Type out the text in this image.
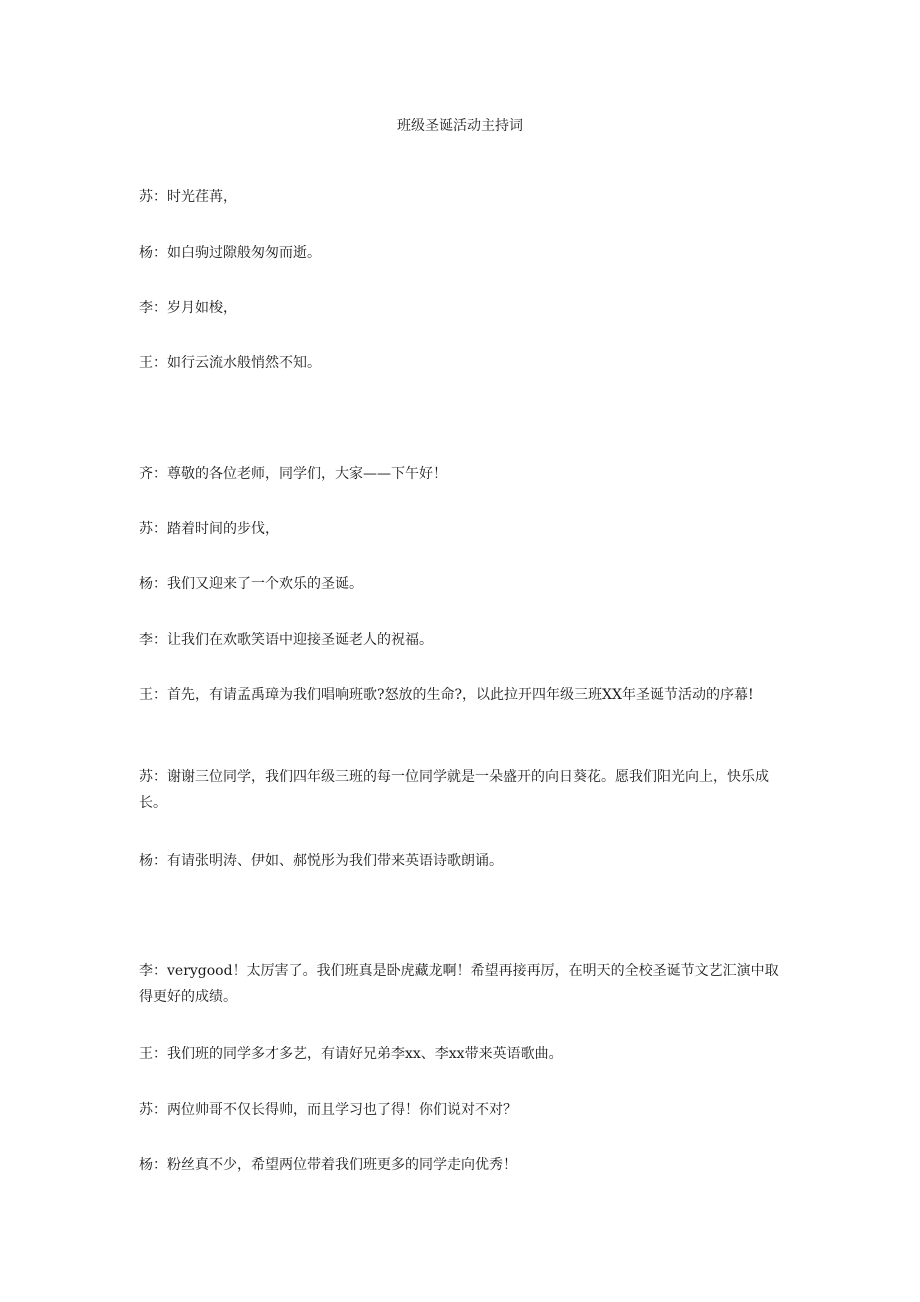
班级圣诞活动主持词
苏：时光荏苒，
杨：如白驹过隙般匆匆而逝。
李：岁月如梭，
王：如行云流水般悄然不知。
齐：尊敬的各位老师，同学们，大家——下午好！
苏：踏着时间的步伐，
杨：我们又迎来了一个欢乐的圣诞。
李：让我们在欢歌笑语中迎接圣诞老人的祝福。
王：首先，有请孟禹璋为我们唱响班歌?怒放的生命?，以此拉开四年级三班XX年圣诞节活动的序幕!
苏：谢谢三位同学，我们四年级三班的每一位同学就是一朵盛开的向日葵花。愿我们阳光向上，快乐成长。
杨：有请张明涛、伊如、郝悦彤为我们带来英语诗歌朗诵。
李：verygood！太厉害了。我们班真是卧虎藏龙啊！希望再接再厉，在明天的全校圣诞节文艺汇演中取得更好的成绩。
王：我们班的同学多才多艺，有请好兄弟李xx、李xx带来英语歌曲。
苏：两位帅哥不仅长得帅，而且学习也了得！你们说对不对？
杨：粉丝真不少，希望两位带着我们班更多的同学走向优秀！
